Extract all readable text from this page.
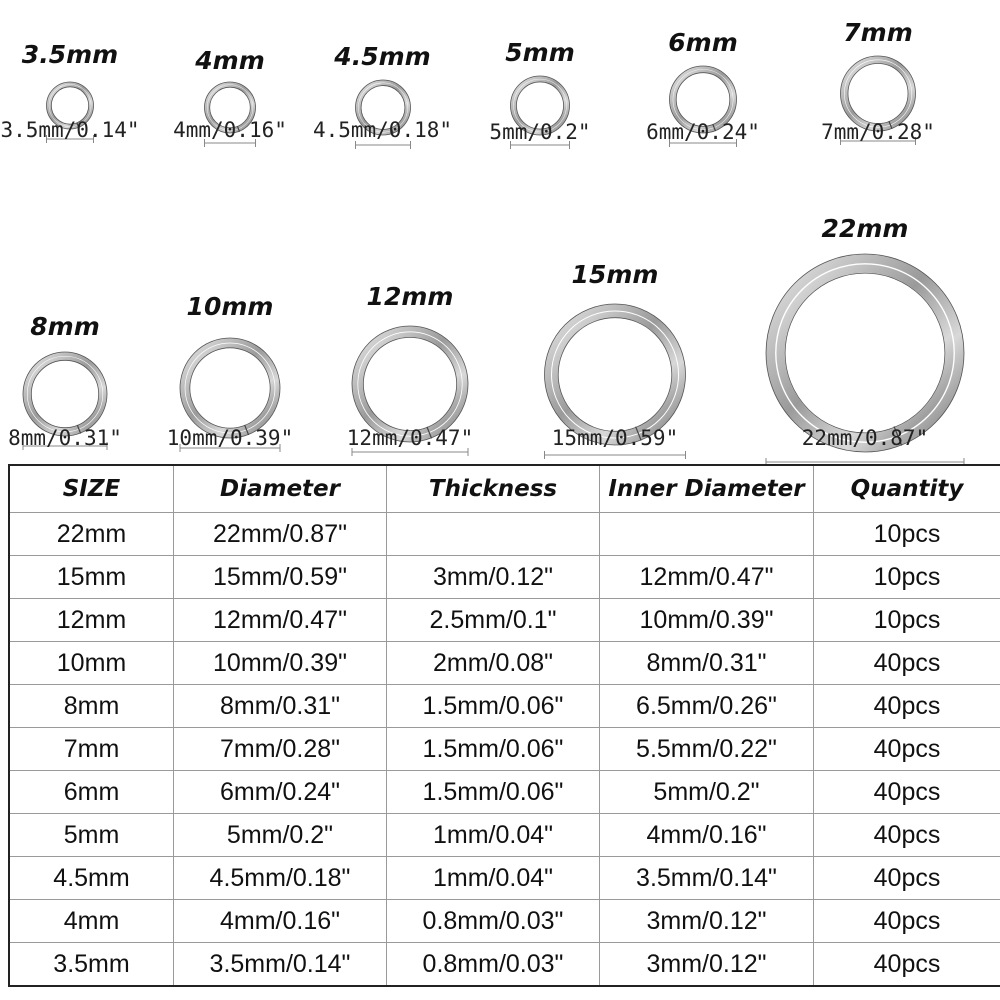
3.5mm
3.5mm/0.14"
4mm
4mm/0.16"
4.5mm
4.5mm/0.18"
5mm
5mm/0.2"
6mm
6mm/0.24"
7mm
7mm/0.28"
8mm
8mm/0.31"
10mm
10mm/0.39"
12mm
12mm/0.47"
15mm
15mm/0.59"
22mm
22mm/0.87"
SIZE	Diameter	Thickness	Inner Diameter	Quantity
22mm	22mm/0.87"			10pcs
15mm	15mm/0.59"	3mm/0.12"	12mm/0.47"	10pcs
12mm	12mm/0.47"	2.5mm/0.1"	10mm/0.39"	10pcs
10mm	10mm/0.39"	2mm/0.08"	8mm/0.31"	40pcs
8mm	8mm/0.31"	1.5mm/0.06"	6.5mm/0.26"	40pcs
7mm	7mm/0.28"	1.5mm/0.06"	5.5mm/0.22"	40pcs
6mm	6mm/0.24"	1.5mm/0.06"	5mm/0.2"	40pcs
5mm	5mm/0.2"	1mm/0.04"	4mm/0.16"	40pcs
4.5mm	4.5mm/0.18"	1mm/0.04"	3.5mm/0.14"	40pcs
4mm	4mm/0.16"	0.8mm/0.03"	3mm/0.12"	40pcs
3.5mm	3.5mm/0.14"	0.8mm/0.03"	3mm/0.12"	40pcs
